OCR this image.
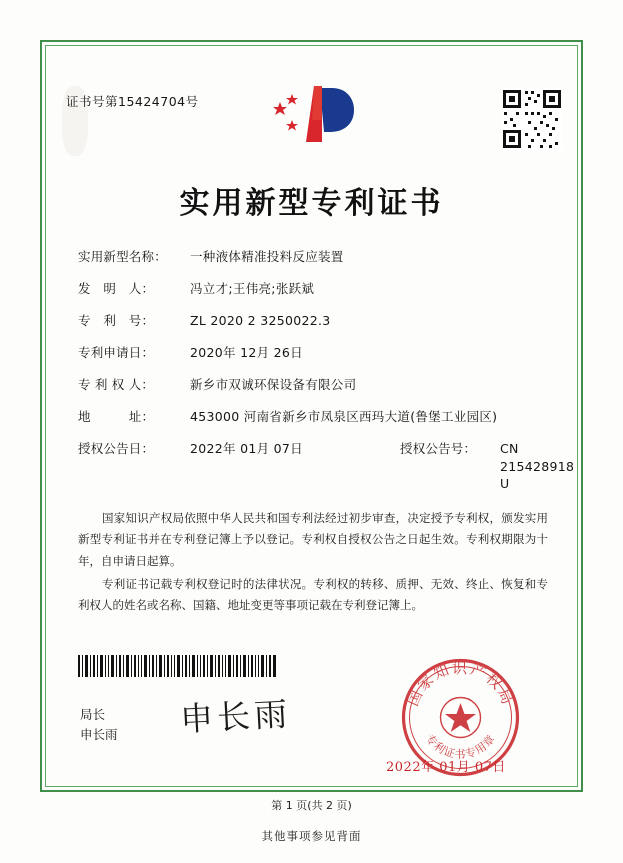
证书号第15424704号
实用新型专利证书
实用新型名称：	一种液体精准投料反应装置
发　明　人：	冯立才;王伟亮;张跃斌
专　利　号：	ZL 2020 2 3250022.3
专利申请日：	2020年 12月 26日
专 利 权 人：	新乡市双诚环保设备有限公司
地　　　址：	453000 河南省新乡市凤泉区西玛大道(鲁堡工业园区)
授权公告日：	2022年 01月 07日	授权公告号：	CN 215428918 U

国家知识产权局依照中华人民共和国专利法经过初步审查，决定授予专利权，颁发实用新型专利证书并在专利登记簿上予以登记。专利权自授权公告之日起生效。专利权期限为十年，自申请日起算。

专利证书记载专利权登记时的法律状况。专利权的转移、质押、无效、终止、恢复和专利权人的姓名或名称、国籍、地址变更等事项记载在专利登记簿上。

局长
申长雨 申长雨	国家知识产权局
专利证书专用章
2022年 01月 07日
第 1 页(共 2 页)
其他事项参见背面
